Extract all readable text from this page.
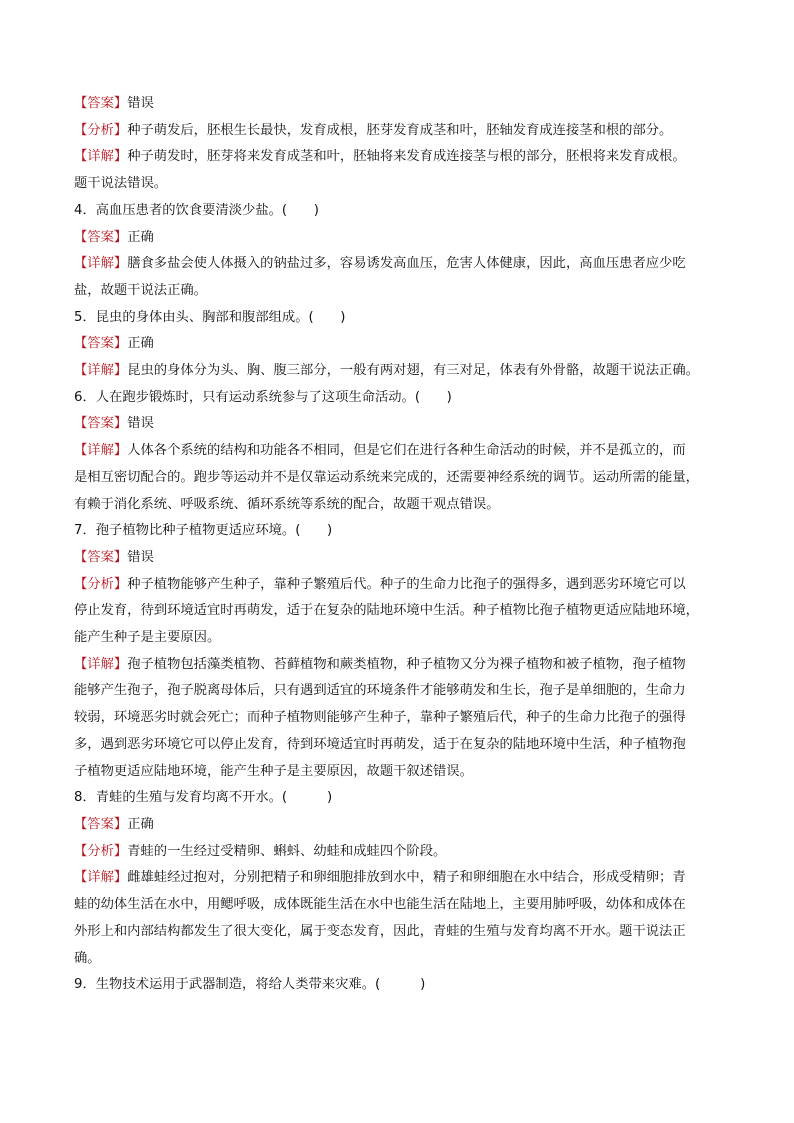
【答案】错误
【分析】种子萌发后，胚根生长最快，发育成根，胚芽发育成茎和叶，胚轴发育成连接茎和根的部分。
【详解】种子萌发时，胚芽将来发育成茎和叶，胚轴将来发育成连接茎与根的部分，胚根将来发育成根。
题干说法错误。
4．高血压患者的饮食要清淡少盐。(　　)
【答案】正确
【详解】膳食多盐会使人体摄入的钠盐过多，容易诱发高血压，危害人体健康，因此，高血压患者应少吃
盐，故题干说法正确。
5．昆虫的身体由头、胸部和腹部组成。(　　)
【答案】正确
【详解】昆虫的身体分为头、胸、腹三部分，一般有两对翅，有三对足，体表有外骨骼，故题干说法正确。
6．人在跑步锻炼时，只有运动系统参与了这项生命活动。(　　)
【答案】错误
【详解】人体各个系统的结构和功能各不相同，但是它们在进行各种生命活动的时候，并不是孤立的，而
是相互密切配合的。跑步等运动并不是仅靠运动系统来完成的，还需要神经系统的调节。运动所需的能量，
有赖于消化系统、呼吸系统、循环系统等系统的配合，故题干观点错误。
7．孢子植物比种子植物更适应环境。(　　)
【答案】错误
【分析】种子植物能够产生种子，靠种子繁殖后代。种子的生命力比孢子的强得多，遇到恶劣环境它可以
停止发育，待到环境适宜时再萌发，适于在复杂的陆地环境中生活。种子植物比孢子植物更适应陆地环境，
能产生种子是主要原因。
【详解】孢子植物包括藻类植物、苔藓植物和蕨类植物，种子植物又分为裸子植物和被子植物，孢子植物
能够产生孢子，孢子脱离母体后，只有遇到适宜的环境条件才能够萌发和生长，孢子是单细胞的，生命力
较弱，环境恶劣时就会死亡；而种子植物则能够产生种子，靠种子繁殖后代，种子的生命力比孢子的强得
多，遇到恶劣环境它可以停止发育，待到环境适宜时再萌发，适于在复杂的陆地环境中生活，种子植物孢
子植物更适应陆地环境，能产生种子是主要原因，故题干叙述错误。
8．青蛙的生殖与发育均离不开水。(　　　)
【答案】正确
【分析】青蛙的一生经过受精卵、蝌蚪、幼蛙和成蛙四个阶段。
【详解】雌雄蛙经过抱对，分别把精子和卵细胞排放到水中，精子和卵细胞在水中结合，形成受精卵；青
蛙的幼体生活在水中，用鳃呼吸，成体既能生活在水中也能生活在陆地上，主要用肺呼吸，幼体和成体在
外形上和内部结构都发生了很大变化，属于变态发育，因此，青蛙的生殖与发育均离不开水。题干说法正
确。
9．生物技术运用于武器制造，将给人类带来灾难。(　　　)
